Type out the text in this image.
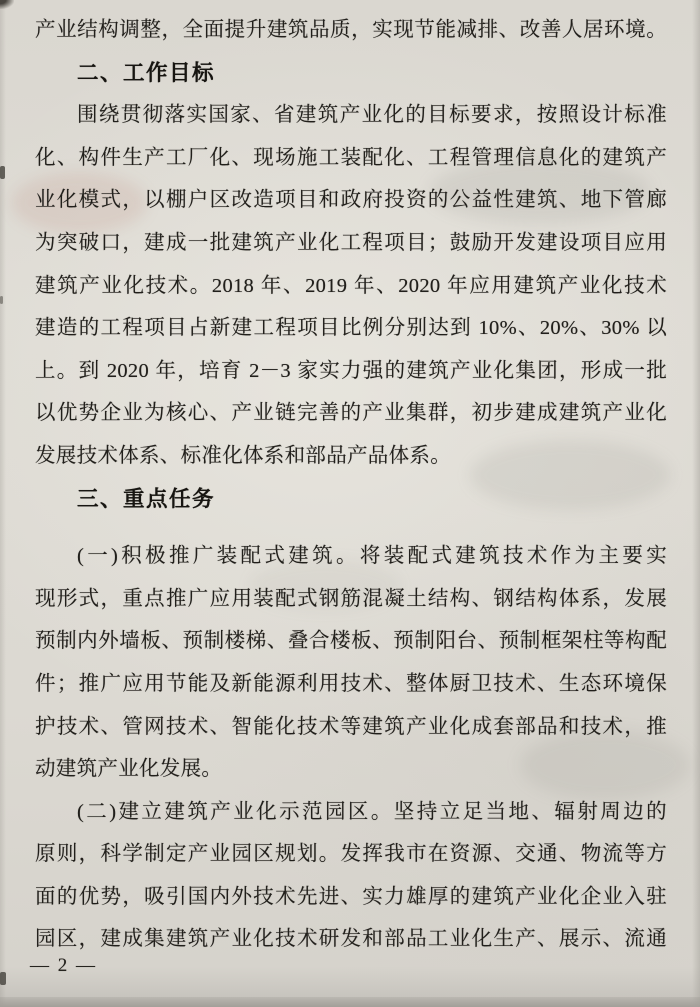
产业结构调整，全面提升建筑品质，实现节能减排、改善人居环境。
二、工作目标
围绕贯彻落实国家、省建筑产业化的目标要求，按照设计标准
化、构件生产工厂化、现场施工装配化、工程管理信息化的建筑产
业化模式，以棚户区改造项目和政府投资的公益性建筑、地下管廊
为突破口，建成一批建筑产业化工程项目；鼓励开发建设项目应用
建筑产业化技术。2018 年、2019 年、2020 年应用建筑产业化技术
建造的工程项目占新建工程项目比例分别达到 10%、20%、30% 以
上。到 2020 年，培育 2－3 家实力强的建筑产业化集团，形成一批
以优势企业为核心、产业链完善的产业集群，初步建成建筑产业化
发展技术体系、标准化体系和部品产品体系。
三、重点任务
(一)积极推广装配式建筑。将装配式建筑技术作为主要实
现形式，重点推广应用装配式钢筋混凝土结构、钢结构体系，发展
预制内外墙板、预制楼梯、叠合楼板、预制阳台、预制框架柱等构配
件；推广应用节能及新能源利用技术、整体厨卫技术、生态环境保
护技术、管网技术、智能化技术等建筑产业化成套部品和技术，推
动建筑产业化发展。
(二)建立建筑产业化示范园区。坚持立足当地、辐射周边的
原则，科学制定产业园区规划。发挥我市在资源、交通、物流等方
面的优势，吸引国内外技术先进、实力雄厚的建筑产业化企业入驻
园区，建成集建筑产业化技术研发和部品工业化生产、展示、流通
— 2 —
